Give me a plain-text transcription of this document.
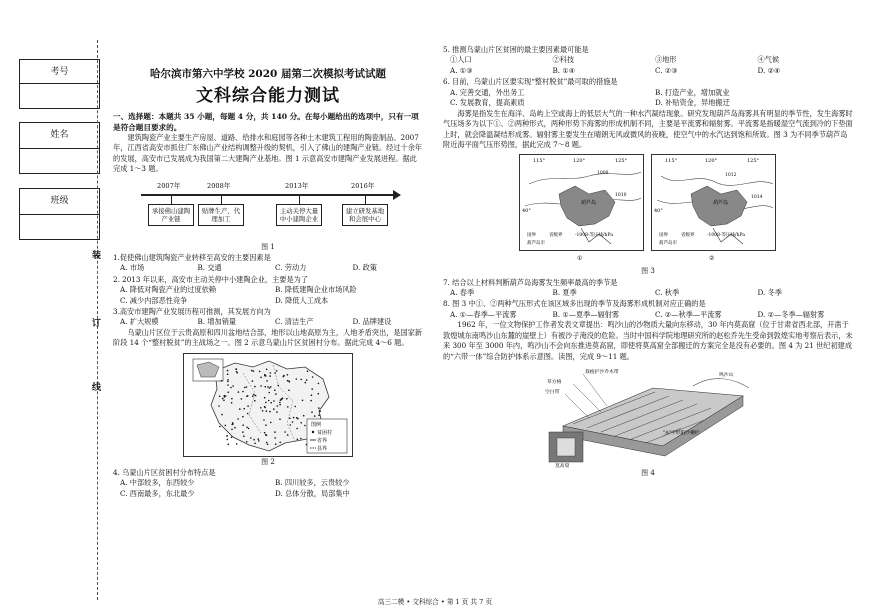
考号
姓名
班级
装
订
线
哈尔滨市第六中学校 2020 届第二次模拟考试试题
文科综合能力测试
一、选择题：本题共 35 小题，每题 4 分，共 140 分。在每小题给出的选项中，只有一项是符合题目要求的。

建筑陶瓷产业主要生产房屋、道路、给排水和庭园等各种土木建筑工程用的陶瓷制品。2007 年，江西省高安市抓住广东佛山产业结构调整升级的契机，引入了佛山的建陶产业链。经过十余年的发展，高安市已发展成为我国第二大建陶产业基地。图 1 示意高安市建陶产业发展进程。据此完成 1～3 题。

2007年	2008年	2013年	2016年
承接佛山建陶产业链
贴牌生产、代理加工
主动关停大量中小建陶企业
建立研发基地和会展中心
图 1
1.促使佛山建筑陶瓷产业转移至高安的主要因素是
A. 市场	B. 交通	C. 劳动力	D. 政策
2. 2013 年以来，高安市主动关停中小建陶企业，主要是为了
A. 降低对陶瓷产业的过度依赖	B. 降低建陶企业市场风险
C. 减少内部恶性竞争	D. 降低人工成本
3.高安市建陶产业发展历程可推测，其发展方向为
A. 扩大规模	B. 增加销量	C. 清洁生产	D. 品牌建设

乌蒙山片区位于云贵高原和四川盆地结合部，地形以山地高原为主，人地矛盾突出，是国家新阶段 14 个“整村脱贫”的主战场之一。图 2 示意乌蒙山片区贫困村分布。据此完成 4～6 题。

图例
贫困村
省界
县界
图 2
4. 乌蒙山片区贫困村分布特点是
A. 中部较多，东西较少	B. 四川较多，云贵较少
C. 西南最多，东北最少	D. 总体分散，局部集中
5. 推测乌蒙山片区贫困的最主要因素最可能是
①人口	②科技	③地形	④气候
A. ①③	B. ①④	C. ②③	D. ②④
6. 目前，乌蒙山片区要实现“整村脱贫”最可取的措施是
A. 完善交通，外出务工	B. 打造产业，增加就业
C. 发展教育，提高素质	D. 补贴资金，异地搬迁

海雾是指发生在海洋、岛屿上空或海上的低层大气的一种水汽凝结现象。研究发现葫芦岛海雾具有明显的季节性，发生海雾时气压场多为以下①、②两种形式，两种形势下海雾的形成机制不同，主要是平流雾和辐射雾。平流雾是指暖湿空气流到冷的下垫面上时，就会降温凝结形成雾。辐射雾主要发生在晴朗无风或微风的夜晚，使空气中的水汽达到饱和所致。图 3 为不同季节葫芦岛附近海平面气压形势图，据此完成 7～8 题。

115°	120°	125°
40°
葫芦岛
1008
1010
国界	省级界	-1008-等压线/hPa
葫芦岛市
①
115°	120°	125°
40°
葫芦岛
1012
1014
国界	省级界	-1008-等压线/hPa
葫芦岛市
②
图 3
7. 结合以上材料判断葫芦岛海雾发生频率最高的季节是
A. 春季	B. 夏季	C. 秋季	D. 冬季
8. 图 3 中①、②两种气压形式在该区域多出现的季节及海雾形成机制对应正确的是
A. ①—春季—平流雾	B. ①—夏季—辐射雾	C. ②—秋季—平流雾	D. ②—冬季—辐射雾

1962 年，一位文物保护工作者发表文章提出：鸣沙山的沙物质大量向东移动，30 年内莫高窟（位于甘肃省西北部，开凿于敦煌城东南鸣沙山东麓的崖壁上）有被沙子淹没的危险。当时中国科学院地理研究所的赵松乔先生受命到敦煌实地考察后表示，未来 300 年至 3000 年内，鸣沙山不会向东推进莫高窟，即使将莫高窟全部搬迁的方案完全是没有必要的。图 4 为 21 世纪初建成的“六带一体”综合防护体系示意图。读图，完成 9～11 题。

栽植护沙乔木带
草方格
空白带
鸣沙山
"A"字形阻沙栅栏
莫高窟
图 4
高三二模 • 文科综合 • 第 1 页 共 7 页
